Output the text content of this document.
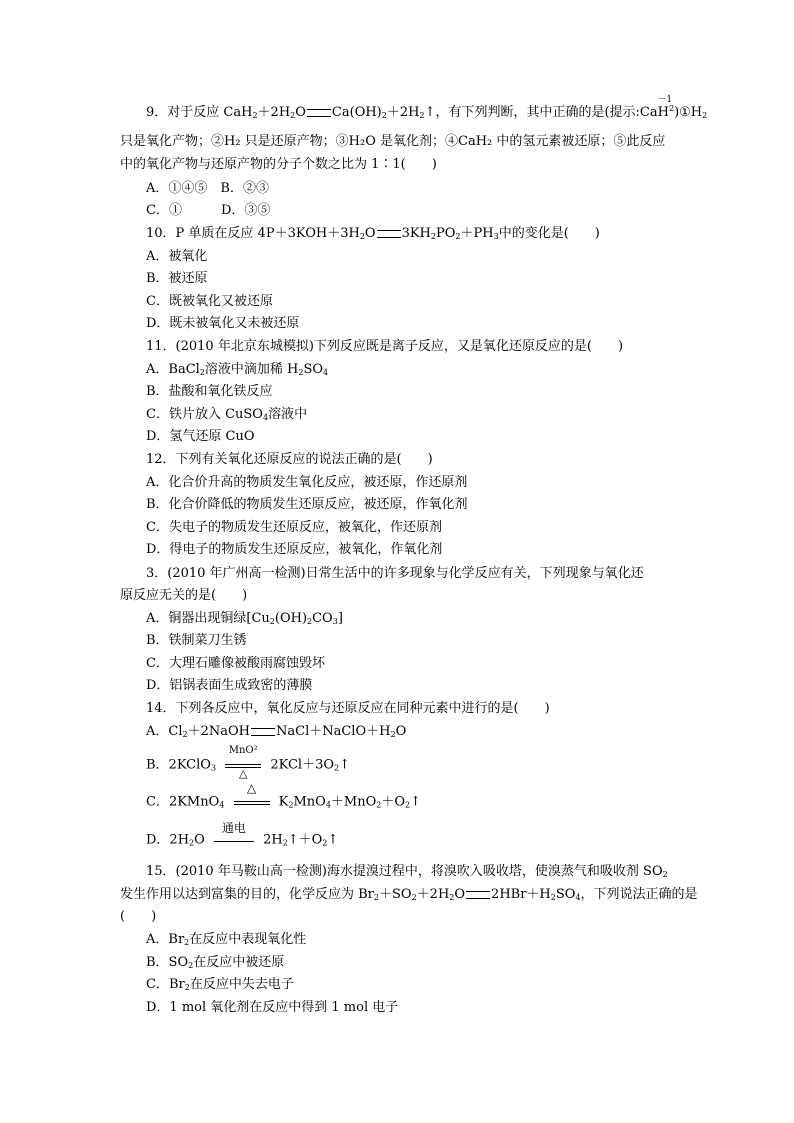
9．对于反应 $CaH_2+2H_2O$ $Ca(OH)_2+2H_2↑$，有下列判断，其中正确的是(提示:
－1
$CaH^2)①H_2$
只是氧化产物；②H₂ 只是还原产物；③H₂O 是氧化剂；④CaH₂ 中的氢元素被还原；⑤此反应
中的氧化产物与还原产物的分子个数之比为 1∶1(　　)
A．①④⑤　B．②③
C．①　　　D．③⑤
10．P 单质在反应 $4P+3KOH+3H_2O$ $3KH_2PO_2+PH_3$中的变化是(　　)
A．被氧化
B．被还原
C．既被氧化又被还原
D．既未被氧化又未被还原
11．(2010 年北京东城模拟)下列反应既是离子反应，又是氧化还原反应的是(　　)
A．BaCl$_2$溶液中滴加稀 $H_2SO_4$
B．盐酸和氧化铁反应
C．铁片放入 CuSO$_4$溶液中
D．氢气还原 CuO
12．下列有关氧化还原反应的说法正确的是(　　)
A．化合价升高的物质发生氧化反应，被还原，作还原剂
B．化合价降低的物质发生还原反应，被还原，作氧化剂
C．失电子的物质发生还原反应，被氧化，作还原剂
D．得电子的物质发生还原反应，被氧化，作氧化剂
3．(2010 年广州高一检测)日常生活中的许多现象与化学反应有关，下列现象与氧化还
原反应无关的是(　　)
A．铜器出现铜绿$[Cu_2(OH)_2CO_3]$
B．铁制菜刀生锈
C．大理石雕像被酸雨腐蚀毁坏
D．铝锅表面生成致密的薄膜
14．下列各反应中，氧化反应与还原反应在同种元素中进行的是(　　)
A．$Cl_2+2NaOH$ $NaCl+NaClO+H_2O$
B．2KClO$_3$
MnO²
△
$2KCl+3O_2↑$
C．2KMnO$_4$
△
$K_2MnO_4+MnO_2+O_2↑$
D．$2H_2O$
通电
$2H_2↑+O_2↑$
15．(2010 年马鞍山高一检测)海水提溴过程中，将溴吹入吸收塔，使溴蒸气和吸收剂 $SO_2$
发生作用以达到富集的目的，化学反应为 $Br_2+SO_2+2H_2O$ $2HBr+H_2SO_4$，下列说法正确的是
(　　)
A．$Br_2$在反应中表现氧化性
B．$SO_2$在反应中被还原
C．$Br_2$在反应中失去电子
D．1 mol 氧化剂在反应中得到 1 mol 电子
